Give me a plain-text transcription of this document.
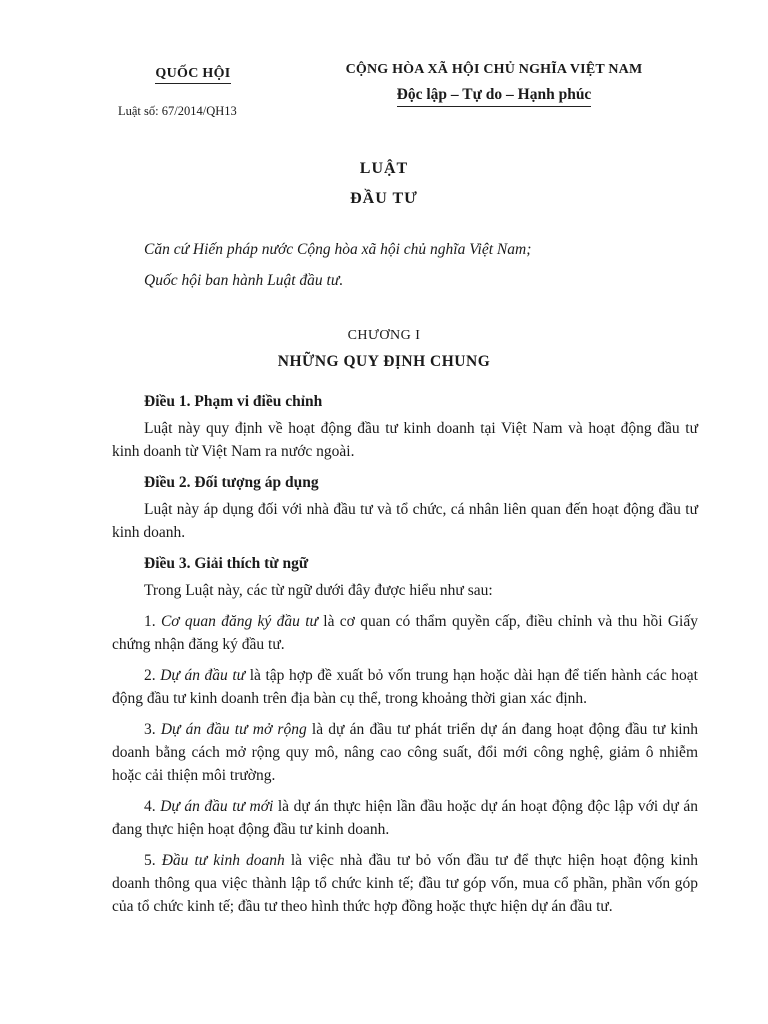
QUỐC HỘI
Luật số: 67/2014/QH13
CỘNG HÒA XÃ HỘI CHỦ NGHĨA VIỆT NAM
Độc lập – Tự do – Hạnh phúc
LUẬT
ĐẦU TƯ
Căn cứ Hiến pháp nước Cộng hòa xã hội chủ nghĩa Việt Nam;
Quốc hội ban hành Luật đầu tư.
CHƯƠNG I
NHỮNG QUY ĐỊNH CHUNG

Điều 1. Phạm vi điều chỉnh

Luật này quy định về hoạt động đầu tư kinh doanh tại Việt Nam và hoạt động đầu tư kinh doanh từ Việt Nam ra nước ngoài.

Điều 2. Đối tượng áp dụng

Luật này áp dụng đối với nhà đầu tư và tổ chức, cá nhân liên quan đến hoạt động đầu tư kinh doanh.

Điều 3. Giải thích từ ngữ

Trong Luật này, các từ ngữ dưới đây được hiểu như sau:

1. Cơ quan đăng ký đầu tư là cơ quan có thẩm quyền cấp, điều chỉnh và thu hồi Giấy chứng nhận đăng ký đầu tư.

2. Dự án đầu tư là tập hợp đề xuất bỏ vốn trung hạn hoặc dài hạn để tiến hành các hoạt động đầu tư kinh doanh trên địa bàn cụ thể, trong khoảng thời gian xác định.

3. Dự án đầu tư mở rộng là dự án đầu tư phát triển dự án đang hoạt động đầu tư kinh doanh bằng cách mở rộng quy mô, nâng cao công suất, đổi mới công nghệ, giảm ô nhiễm hoặc cải thiện môi trường.

4. Dự án đầu tư mới là dự án thực hiện lần đầu hoặc dự án hoạt động độc lập với dự án đang thực hiện hoạt động đầu tư kinh doanh.

5. Đầu tư kinh doanh là việc nhà đầu tư bỏ vốn đầu tư để thực hiện hoạt động kinh doanh thông qua việc thành lập tổ chức kinh tế; đầu tư góp vốn, mua cổ phần, phần vốn góp của tổ chức kinh tế; đầu tư theo hình thức hợp đồng hoặc thực hiện dự án đầu tư.
